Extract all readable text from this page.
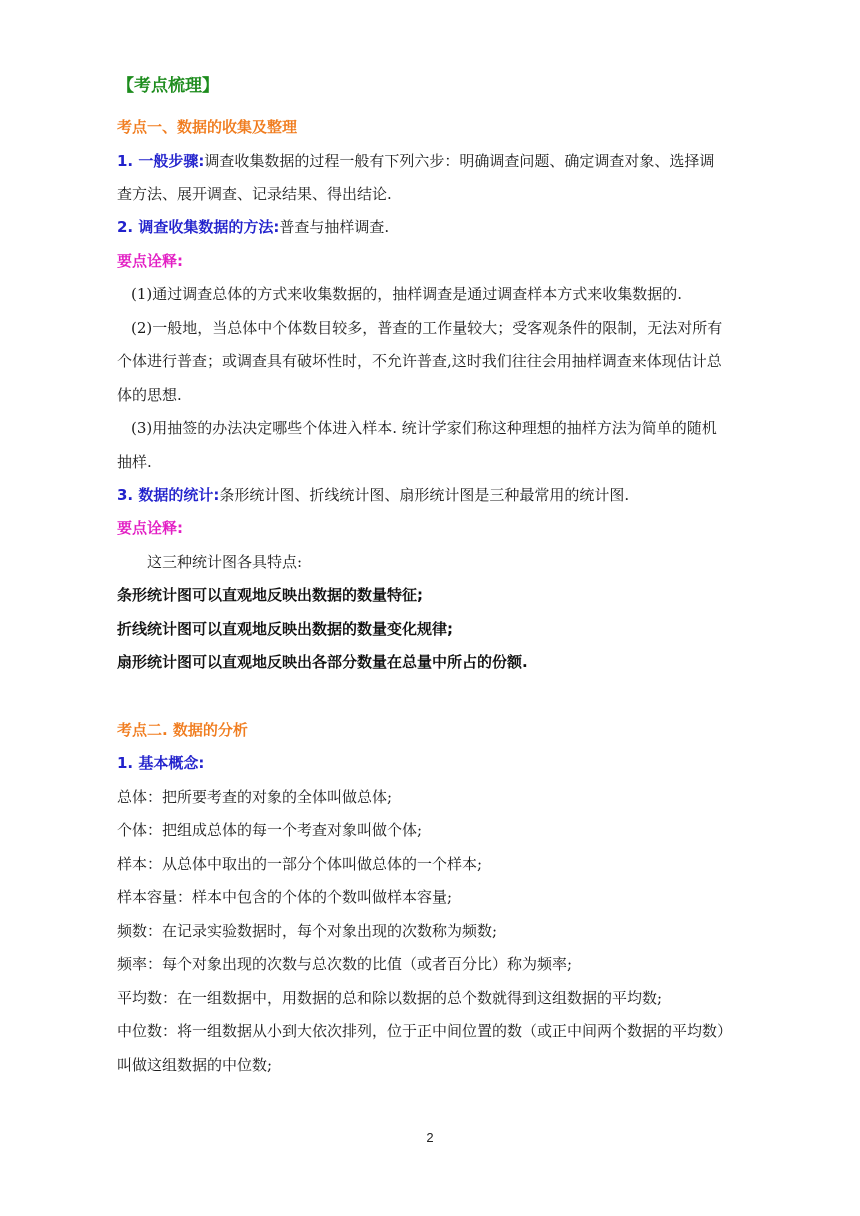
【考点梳理】
考点一、数据的收集及整理
1. 一般步骤:调查收集数据的过程一般有下列六步：明确调查问题、确定调查对象、选择调
查方法、展开调查、记录结果、得出结论.
2. 调查收集数据的方法:普查与抽样调查.
要点诠释:
(1)通过调查总体的方式来收集数据的，抽样调查是通过调查样本方式来收集数据的.
(2)一般地，当总体中个体数目较多，普查的工作量较大；受客观条件的限制，无法对所有
个体进行普查；或调查具有破坏性时，不允许普查,这时我们往往会用抽样调查来体现估计总
体的思想.
(3)用抽签的办法决定哪些个体进入样本. 统计学家们称这种理想的抽样方法为简单的随机
抽样.
3. 数据的统计:条形统计图、折线统计图、扇形统计图是三种最常用的统计图.
要点诠释:
这三种统计图各具特点:
条形统计图可以直观地反映出数据的数量特征;
折线统计图可以直观地反映出数据的数量变化规律;
扇形统计图可以直观地反映出各部分数量在总量中所占的份额.
考点二. 数据的分析
1. 基本概念:
总体：把所要考查的对象的全体叫做总体;
个体：把组成总体的每一个考查对象叫做个体;
样本：从总体中取出的一部分个体叫做总体的一个样本;
样本容量：样本中包含的个体的个数叫做样本容量;
频数：在记录实验数据时，每个对象出现的次数称为频数;
频率：每个对象出现的次数与总次数的比值（或者百分比）称为频率;
平均数：在一组数据中，用数据的总和除以数据的总个数就得到这组数据的平均数;
中位数：将一组数据从小到大依次排列，位于正中间位置的数（或正中间两个数据的平均数）
叫做这组数据的中位数;
2
